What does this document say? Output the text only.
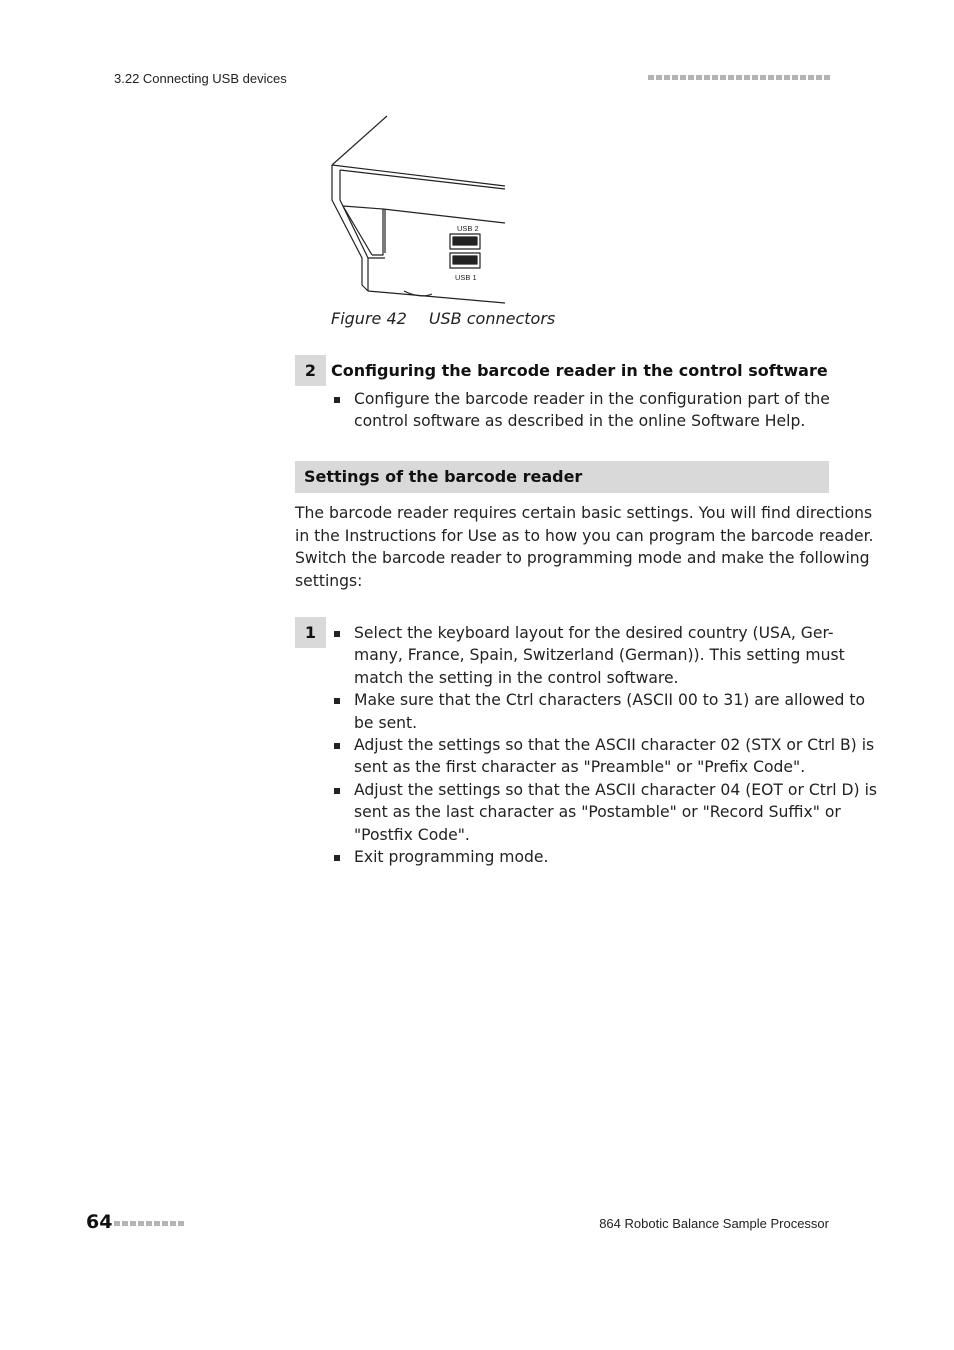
3.22 Connecting USB devices
USB 2
USB 1
Figure 42 USB connectors
2 Configuring the barcode reader in the control software
Configure the barcode reader in the configuration part of the
control software as described in the online Software Help.
Settings of the barcode reader
The barcode reader requires certain basic settings. You will find directions
in the Instructions for Use as to how you can program the barcode reader.
Switch the barcode reader to programming mode and make the following
settings:
1	Select the keyboard layout for the desired country (USA, Ger-
many, France, Spain, Switzerland (German)). This setting must
match the setting in the control software.
Make sure that the Ctrl characters (ASCII 00 to 31) are allowed to
be sent.
Adjust the settings so that the ASCII character 02 (STX or Ctrl B) is
sent as the first character as "Preamble" or "Prefix Code".
Adjust the settings so that the ASCII character 04 (EOT or Ctrl D) is
sent as the last character as "Postamble" or "Record Suffix" or
"Postfix Code".
Exit programming mode.
64	864 Robotic Balance Sample Processor
